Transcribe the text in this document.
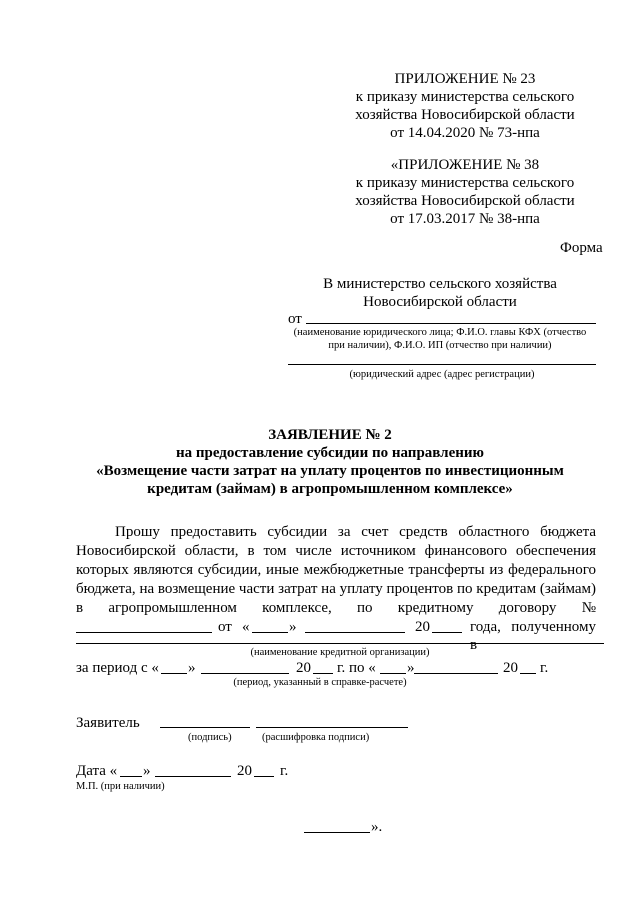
ПРИЛОЖЕНИЕ № 23
к приказу министерства сельского
хозяйства Новосибирской области
от 14.04.2020 № 73-нпа
«ПРИЛОЖЕНИЕ № 38
к приказу министерства сельского
хозяйства Новосибирской области
от 17.03.2017 № 38-нпа
Форма
В министерство сельского хозяйства
Новосибирской области
от
(наименование юридического лица; Ф.И.О. главы КФХ (отчество
при наличии), Ф.И.О. ИП (отчество при наличии)
(юридический адрес (адрес регистрации)
ЗАЯВЛЕНИЕ № 2
на предоставление субсидии по направлению
«Возмещение части затрат на уплату процентов по инвестиционным
кредитам (займам) в агропромышленном комплексе»
Прошу предоставить субсидии за счет средств областного бюджета
Новосибирской области, в том числе источником финансового обеспечения
которых являются субсидии, иные межбюджетные трансферты из федерального
бюджета, на возмещение части затрат на уплату процентов по кредитам (займам)
в агропромышленном комплексе, по кредитному договору №
от «	»	20	года, полученному в
(наименование кредитной организации)
за период с « »	20 г. по « »	20 г.
(период, указанный в справке-расчете)
Заявитель
(подпись)	(расшифровка подписи)
Дата « »	20 г.
М.П. (при наличии)
».
